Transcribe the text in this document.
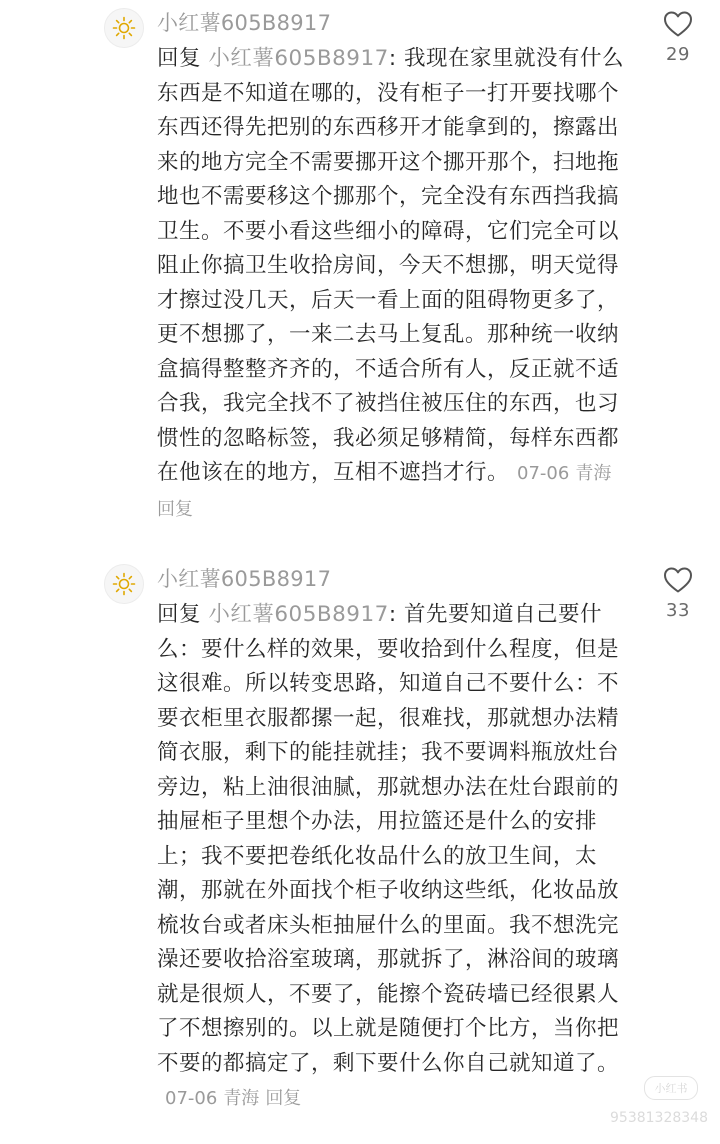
小红薯605B8917
回复 小红薯605B8917: 我现在家里就没有什么东西是不知道在哪的，没有柜子一打开要找哪个东西还得先把别的东西移开才能拿到的，擦露出来的地方完全不需要挪开这个挪开那个，扫地拖地也不需要移这个挪那个，完全没有东西挡我搞卫生。不要小看这些细小的障碍，它们完全可以阻止你搞卫生收拾房间，今天不想挪，明天觉得才擦过没几天，后天一看上面的阻碍物更多了，更不想挪了，一来二去马上复乱。那种统一收纳盒搞得整整齐齐的，不适合所有人，反正就不适合我，我完全找不了被挡住被压住的东西，也习惯性的忽略标签，我必须足够精简，每样东西都在他该在的地方，互相不遮挡才行。 07-06 青海回复
29
小红薯605B8917
回复 小红薯605B8917: 首先要知道自己要什么：要什么样的效果，要收拾到什么程度，但是这很难。所以转变思路，知道自己不要什么：不要衣柜里衣服都摞一起，很难找，那就想办法精简衣服，剩下的能挂就挂；我不要调料瓶放灶台旁边，粘上油很油腻，那就想办法在灶台跟前的抽屉柜子里想个办法，用拉篮还是什么的安排上；我不要把卷纸化妆品什么的放卫生间，太潮，那就在外面找个柜子收纳这些纸，化妆品放梳妆台或者床头柜抽屉什么的里面。我不想洗完澡还要收拾浴室玻璃，那就拆了，淋浴间的玻璃就是很烦人，不要了，能擦个瓷砖墙已经很累人了不想擦别的。以上就是随便打个比方，当你把不要的都搞定了，剩下要什么你自己就知道了。07-06 青海 回复
33
小红书
95381328348
